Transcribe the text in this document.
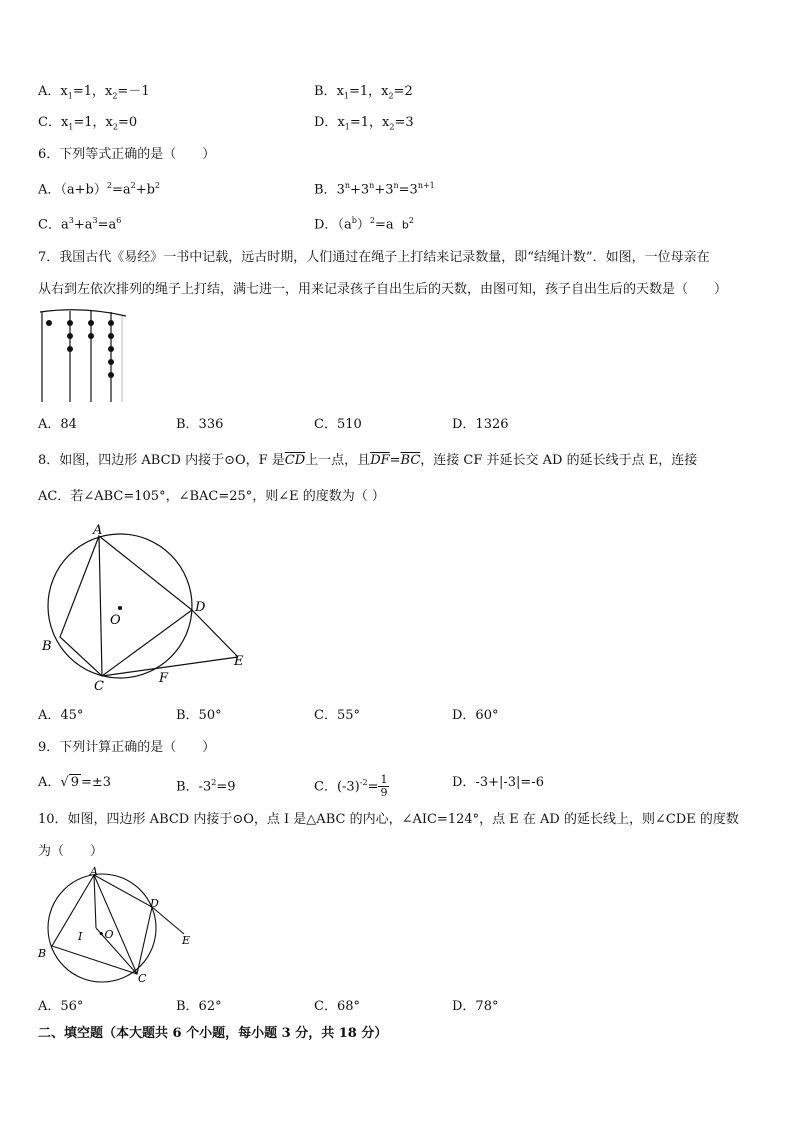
A．$x_1=1$，$x_2=-1$	B．$x_1=1$，$x_2=2$
C．$x_1=1$，$x_2=0$	D．$x_1=1$，$x_2=3$
6．下列等式正确的是（　　）
A．$(a+b)^2=a^2+b^2$	B．$3^n+3^n+3^n=3^{n+1}$
C．$a^3+a^3=a^6$	D．$(a^b)^2=a$ $b^2$
7．我国古代《易经》一书中记载，远古时期，人们通过在绳子上打结来记录数量，即“结绳计数”．如图，一位母亲在
从右到左依次排列的绳子上打结，满七进一，用来记录孩子自出生后的天数，由图可知，孩子自出生后的天数是（　　）
A．84	B．336	C．510	D．1326
8．如图，四边形 ABCD 内接于⊙O，F 是$\overline{CD}$上一点，且$\overline{DF}=\overline{BC}$，连接 CF 并延长交 AD 的延长线于点 E，连接
AC．若∠ABC=105°，∠BAC=25°，则∠E 的度数为（ ）
A
B
C
D
E
F
O
A．45°	B．50°	C．55°	D．60°
9．下列计算正确的是（　　）
A．√ 9 =±3	B．$-3^2=9$	C．$(-3)^{-2}= \frac{1}{9}$	D．-3+|-3|=-6
10．如图，四边形 ABCD 内接于⊙O，点 I 是△ABC 的内心，∠AIC=124°，点 E 在 AD 的延长线上，则∠CDE 的度数
为（　　）
A
B
C
D
E
I •O
A．56°	B．62°	C．68°	D．78°
二、填空题（本大题共 6 个小题，每小题 3 分，共 18 分）
